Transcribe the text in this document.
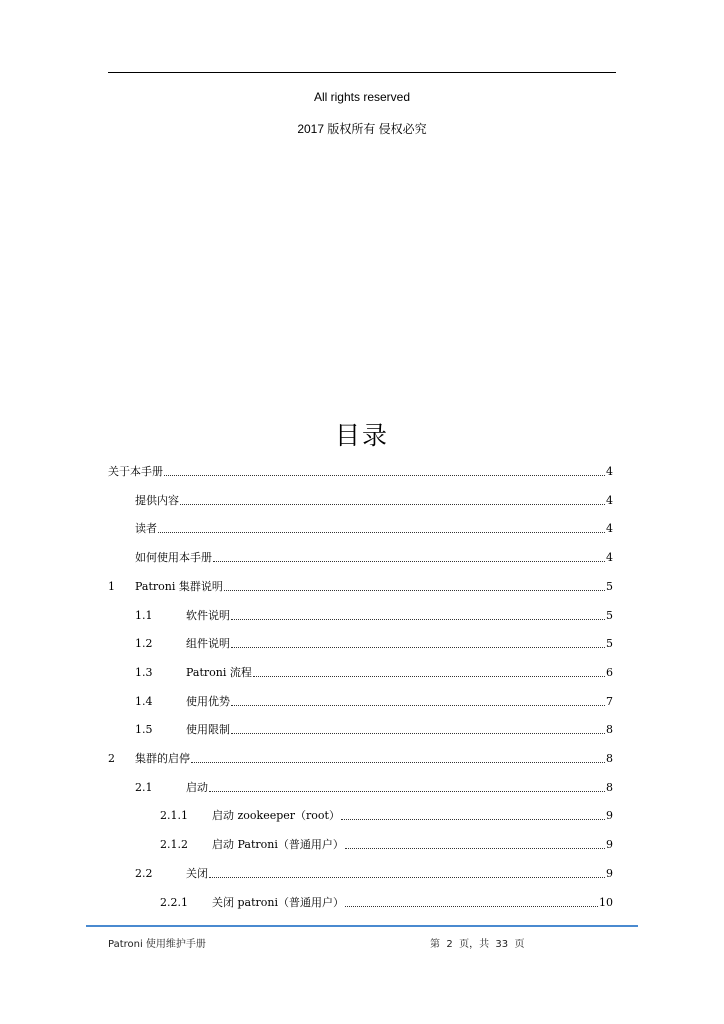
All rights reserved
2017 版权所有 侵权必究
目录
关于本手册	4
提供内容	4
读者	4
如何使用本手册	4
1	Patroni 集群说明	5
1.1	软件说明	5
1.2	组件说明	5
1.3	Patroni 流程	6
1.4	使用优势	7
1.5	使用限制	8
2	集群的启停	8
2.1	启动	8
2.1.1	启动 zookeeper（root）	9
2.1.2	启动 Patroni（普通用户）	9
2.2	关闭	9
2.2.1	关闭 patroni（普通用户）	10
Patroni 使用维护手册	第  2  页，共  33  页
